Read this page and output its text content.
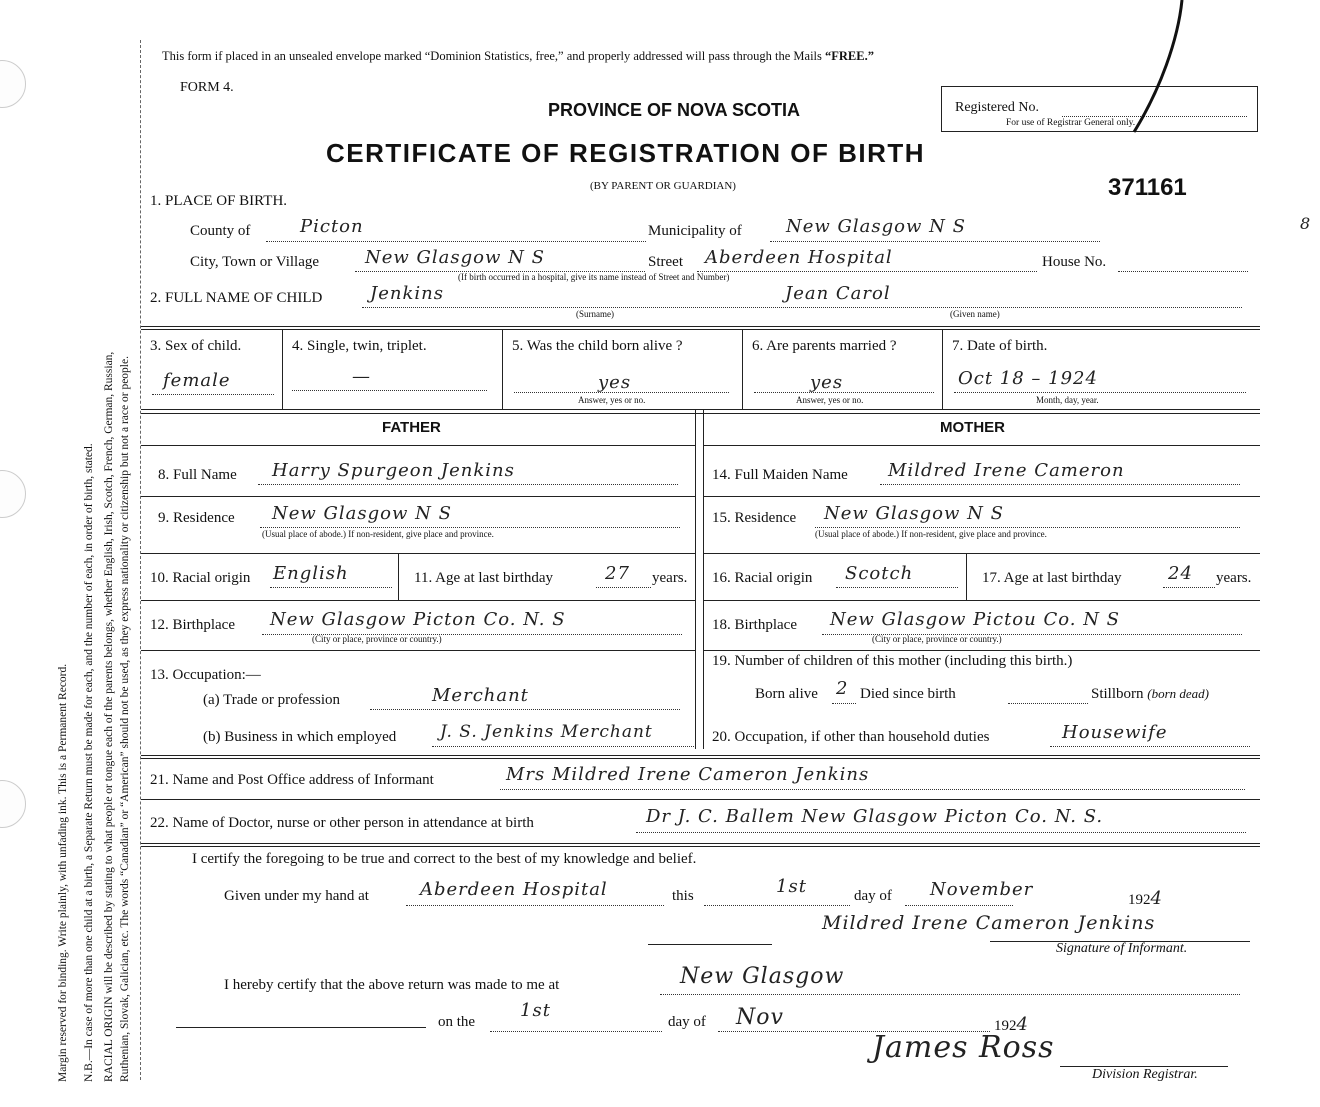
Margin reserved for binding. Write plainly, with unfading ink. This is a Permanent Record. N.B.—In case of more than one child at a birth, a Separate Return must be made for each, and the number of each, in order of birth, stated. RACIAL ORIGIN will be described by stating to what people or tongue each of the parents belongs, whether English, Irish, Scotch, French, German, Russian, Ruthenian, Slovak, Galician, etc. The words “Canadian” or “American” should not be used, as they express nationality or citizenship but not a race or people.
This form if placed in an unsealed envelope marked “Dominion Statistics, free,” and properly addressed will pass through the Mails “FREE.”
FORM 4.
PROVINCE OF NOVA SCOTIA	Registered No.
For use of Registrar General only.
CERTIFICATE OF REGISTRATION OF BIRTH
(BY PARENT OR GUARDIAN)	371161
8
1. PLACE OF BIRTH.
County of	Picton	Municipality of New Glasgow N S
City, Town or Village	New Glasgow N S	Street Aberdeen Hospital	House No.
(If birth occurred in a hospital, give its name instead of Street and Number)
2. FULL NAME OF CHILD	Jenkins	Jean Carol
(Surname)	(Given name)
3. Sex of child.
female
4. Single, twin, triplet.
—
5. Was the child born alive ?
yes
Answer, yes or no.
6. Are parents married ?
yes
Answer, yes or no.
7. Date of birth.
Oct 18 – 1924
Month, day, year.
FATHER	MOTHER
8. Full Name Harry Spurgeon Jenkins
9. Residence New Glasgow N S
(Usual place of abode.) If non-resident, give place and province.
10. Racial origin English	11. Age at last birthday	27 years.
12. Birthplace New Glasgow Picton Co. N. S
(City or place, province or country.)
13. Occupation:—
(a) Trade or profession	Merchant
(b) Business in which employed	J. S. Jenkins Merchant
14. Full Maiden Name Mildred Irene Cameron
15. Residence New Glasgow N S
(Usual place of abode.) If non-resident, give place and province.
16. Racial origin Scotch	17. Age at last birthday	24 years.
18. Birthplace New Glasgow Pictou Co. N S
(City or place, province or country.)
19. Number of children of this mother (including this birth.)
Born alive 2 Died since birth	Stillborn (born dead)
20. Occupation, if other than household duties	Housewife
21. Name and Post Office address of Informant	Mrs Mildred Irene Cameron Jenkins
22. Name of Doctor, nurse or other person in attendance at birth	Dr J. C. Ballem New Glasgow Picton Co. N. S.
I certify the foregoing to be true and correct to the best of my knowledge and belief.
Given under my hand at	Aberdeen Hospital	this	1st	day of November	1924
Mildred Irene Cameron Jenkins
Signature of Informant.
I hereby certify that the above return was made to me at	New Glasgow
on the
1st
day of Nov	1924
James Ross
Division Registrar.
